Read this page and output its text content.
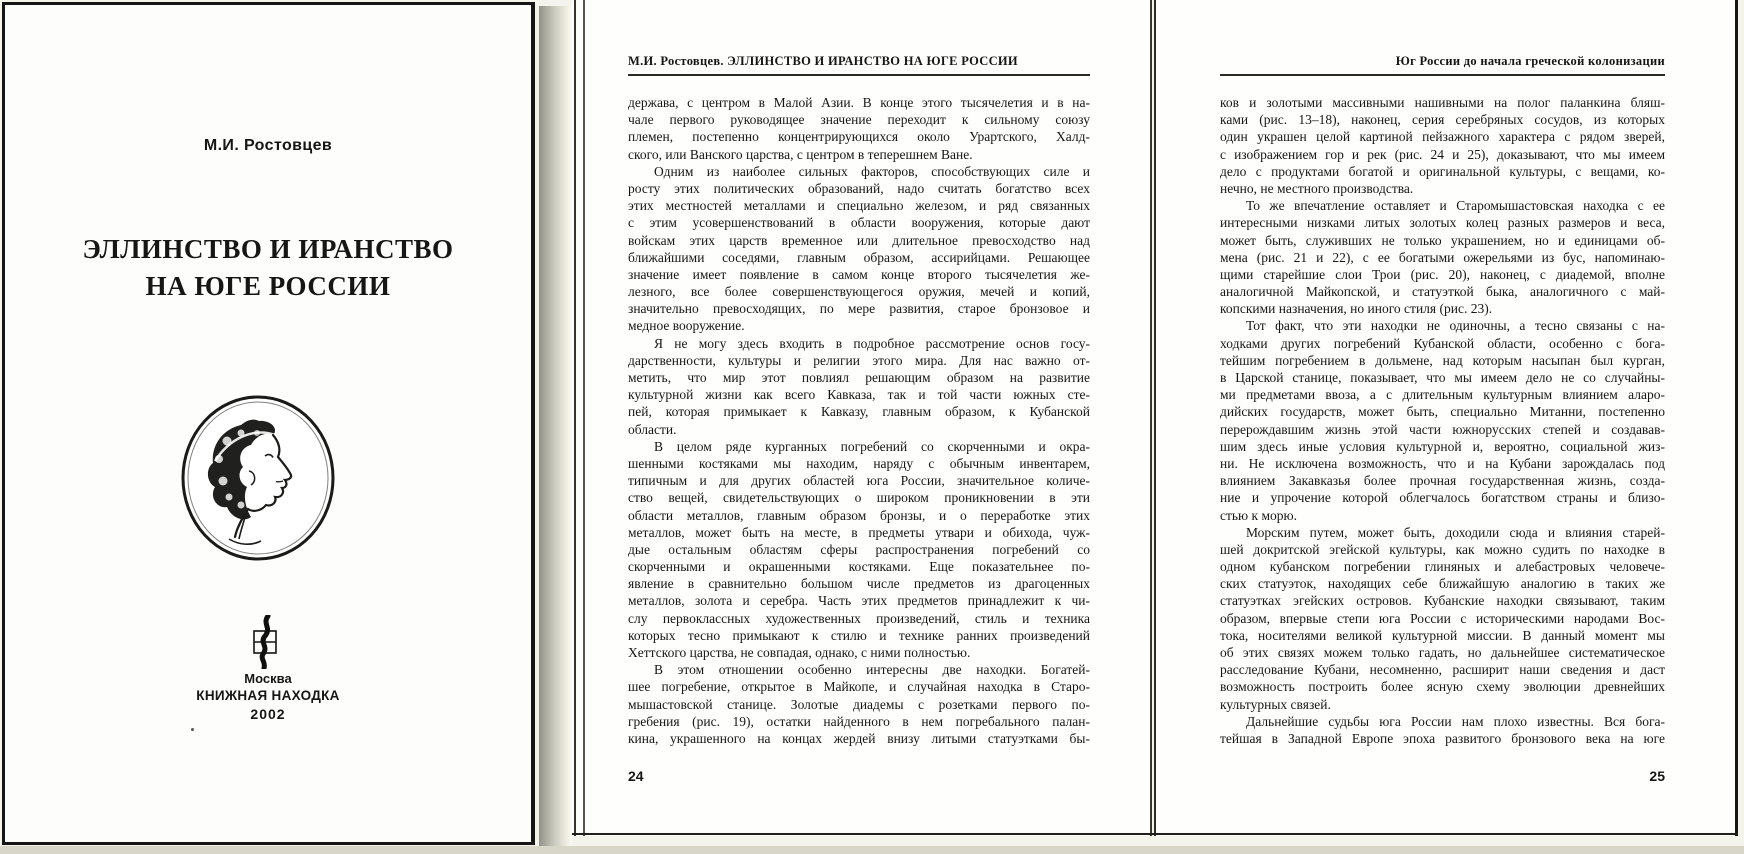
М.И. Ростовцев
ЭЛЛИНСТВО И ИРАНСТВО
НА ЮГЕ РОССИИ
Москва
КНИЖНАЯ НАХОДКА
2002
М.И. Ростовцев. ЭЛЛИНСТВО И ИРАНСТВО НА ЮГЕ РОССИИ
держава, с центром в Малой Азии. В конце этого тысячелетия и в на-
чале первого руководящее значение переходит к сильному союзу
племен, постепенно концентрирующихся около Урартского, Халд-
ского, или Ванского царства, с центром в теперешнем Ване.
Одним из наиболее сильных факторов, способствующих силе и
росту этих политических образований, надо считать богатство всех
этих местностей металлами и специально железом, и ряд связанных
с этим усовершенствований в области вооружения, которые дают
войскам этих царств временное или длительное превосходство над
ближайшими соседями, главным образом, ассирийцами. Решающее
значение имеет появление в самом конце второго тысячелетия же-
лезного, все более совершенствующегося оружия, мечей и копий,
значительно превосходящих, по мере развития, старое бронзовое и
медное вооружение.
Я не могу здесь входить в подробное рассмотрение основ госу-
дарственности, культуры и религии этого мира. Для нас важно от-
метить, что мир этот повлиял решающим образом на развитие
культурной жизни как всего Кавказа, так и той части южных сте-
пей, которая примыкает к Кавказу, главным образом, к Кубанской
области.
В целом ряде курганных погребений со скорченными и окра-
шенными костяками мы находим, наряду с обычным инвентарем,
типичным и для других областей юга России, значительное количе-
ство вещей, свидетельствующих о широком проникновении в эти
области металлов, главным образом бронзы, и о переработке этих
металлов, может быть на месте, в предметы утвари и обихода, чуж-
дые остальным областям сферы распространения погребений со
скорченными и окрашенными костяками. Еще показательнее по-
явление в сравнительно большом числе предметов из драгоценных
металлов, золота и серебра. Часть этих предметов принадлежит к чи-
слу первоклассных художественных произведений, стиль и техника
которых тесно примыкают к стилю и технике ранних произведений
Хеттского царства, не совпадая, однако, с ними полностью.
В этом отношении особенно интересны две находки. Богатей-
шее погребение, открытое в Майкопе, и случайная находка в Старо-
мышастовской станице. Золотые диадемы с розетками первого по-
гребения (рис. 19), остатки найденного в нем погребального палан-
кина, украшенного на концах жердей внизу литыми статуэтками бы-
24
Юг России до начала греческой колонизации
ков и золотыми массивными нашивными на полог паланкина бляш-
ками (рис. 13–18), наконец, серия серебряных сосудов, из которых
один украшен целой картиной пейзажного характера с рядом зверей,
с изображением гор и рек (рис. 24 и 25), доказывают, что мы имеем
дело с продуктами богатой и оригинальной культуры, с вещами, ко-
нечно, не местного производства.
То же впечатление оставляет и Старомышастовская находка с ее
интересными низками литых золотых колец разных размеров и веса,
может быть, служивших не только украшением, но и единицами об-
мена (рис. 21 и 22), с ее богатыми ожерельями из бус, напоминаю-
щими старейшие слои Трои (рис. 20), наконец, с диадемой, вполне
аналогичной Майкопской, и статуэткой быка, аналогичного с май-
копскими назначения, но иного стиля (рис. 23).
Тот факт, что эти находки не одиночны, а тесно связаны с на-
ходками других погребений Кубанской области, особенно с бога-
тейшим погребением в дольмене, над которым насыпан был курган,
в Царской станице, показывает, что мы имеем дело не со случайны-
ми предметами ввоза, а с длительным культурным влиянием аларо-
дийских государств, может быть, специально Митанни, постепенно
перерождавшим жизнь этой части южнорусских степей и создавав-
шим здесь иные условия культурной и, вероятно, социальной жиз-
ни. Не исключена возможность, что и на Кубани зарождалась под
влиянием Закавказья более прочная государственная жизнь, созда-
ние и упрочение которой облегчалось богатством страны и близо-
стью к морю.
Морским путем, может быть, доходили сюда и влияния старей-
шей докритской эгейской культуры, как можно судить по находке в
одном кубанском погребении глиняных и алебастровых человече-
ских статуэток, находящих себе ближайшую аналогию в таких же
статуэтках эгейских островов. Кубанские находки связывают, таким
образом, впервые степи юга России с историческими народами Вос-
тока, носителями великой культурной миссии. В данный момент мы
об этих связях можем только гадать, но дальнейшее систематическое
расследование Кубани, несомненно, расширит наши сведения и даст
возможность построить более ясную схему эволюции древнейших
культурных связей.
Дальнейшие судьбы юга России нам плохо известны. Вся бога-
тейшая в Западной Европе эпоха развитого бронзового века на юге
25
